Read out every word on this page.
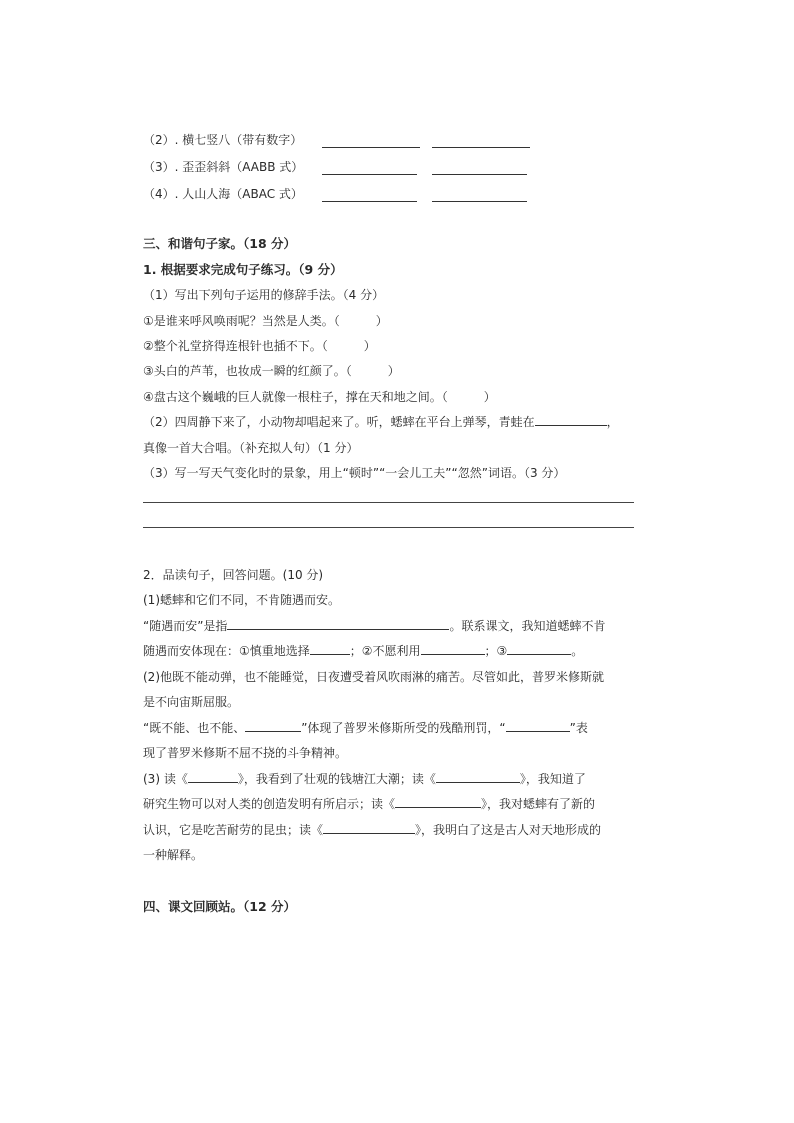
（2）. 横七竖八（带有数字）
（3）. 歪歪斜斜（AABB 式）
（4）. 人山人海（ABAC 式）
三、和谐句子家。（18 分）
1. 根据要求完成句子练习。（9 分）
（1）写出下列句子运用的修辞手法。（4 分）
①是谁来呼风唤雨呢？当然是人类。（　　　）
②整个礼堂挤得连根针也插不下。（　　　）
③头白的芦苇，也妆成一瞬的红颜了。（　　　）
④盘古这个巍峨的巨人就像一根柱子，撑在天和地之间。（　　　）
（2）四周静下来了，小动物却唱起来了。听，蟋蟀在平台上弹琴，青蛙在	，
真像一首大合唱。（补充拟人句）（1 分）
（3）写一写天气变化时的景象，用上“顿时”“一会儿工夫”“忽然”词语。（3 分）
2．品读句子，回答问题。(10 分)
(1)蟋蟀和它们不同，不肯随遇而安。
“随遇而安”是指	。联系课文，我知道蟋蟀不肯
随遇而安体现在：①慎重地选择	；②不愿利用	；③	。
(2)他既不能动弹，也不能睡觉，日夜遭受着风吹雨淋的痛苦。尽管如此，普罗米修斯就
是不向宙斯屈服。
“既不能、也不能、	”体现了普罗米修斯所受的残酷刑罚，“	”表
现了普罗米修斯不屈不挠的斗争精神。
(3) 读《	》，我看到了壮观的钱塘江大潮；读《	》，我知道了
研究生物可以对人类的创造发明有所启示；读《	》，我对蟋蟀有了新的
认识，它是吃苦耐劳的昆虫；读《	》，我明白了这是古人对天地形成的
一种解释。
四、课文回顾站。（12 分）
